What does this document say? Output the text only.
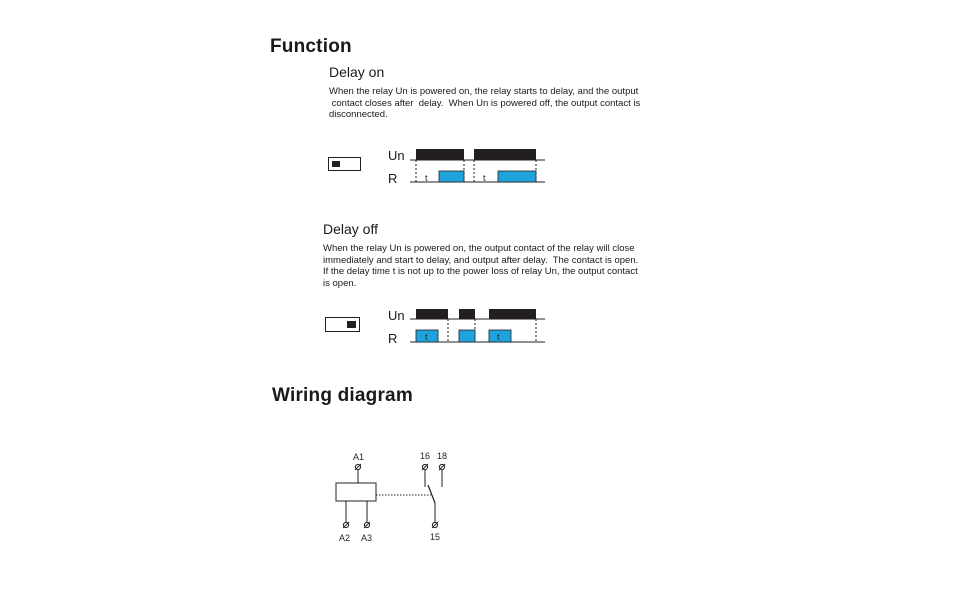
Function
Delay on
When the relay Un is powered on, the relay starts to delay, and the output
contact closes after  delay.  When Un is powered off, the output contact is
disconnected.
Un
R	t	t
Delay off
When the relay Un is powered on, the output contact of the relay will close
immediately and start to delay, and output after delay.  The contact is open.
If the delay time t is not up to the power loss of relay Un, the output contact
is open.
Un
R	t	t
Wiring diagram
A1
A2 A3
16 18
15
